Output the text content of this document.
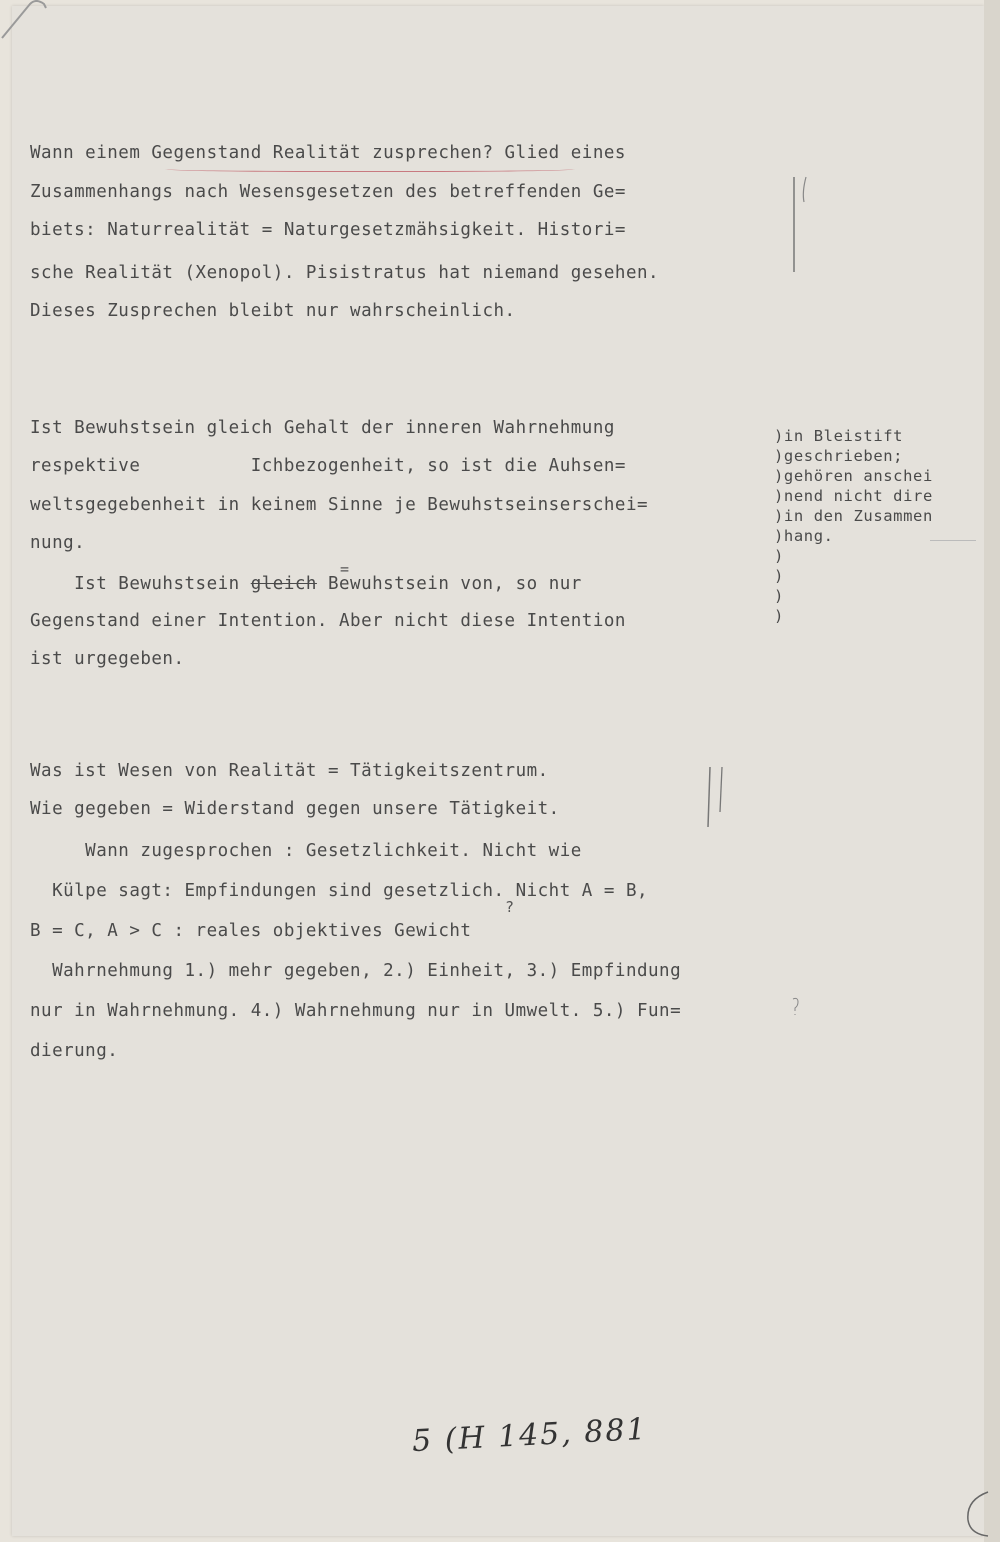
Wann einem Gegenstand Realität zusprechen? Glied eines
Zusammenhangs nach Wesensgesetzen des betreffenden Ge=
biets: Naturrealität = Naturgesetzmähsigkeit. Histori=
sche Realität (Xenopol). Pisistratus hat niemand gesehen.
Dieses Zusprechen bleibt nur wahrscheinlich.
Ist Bewuhstsein gleich Gehalt der inneren Wahrnehmung
respektive          Ichbezogenheit, so ist die Auhsen=
weltsgegebenheit in keinem Sinne je Bewuhstseinserschei=
nung.
=
Ist Bewuhstsein gleich Bewuhstsein von, so nur
Gegenstand einer Intention. Aber nicht diese Intention
ist urgegeben.
)in Bleistift
)geschrieben;
)gehören anschei
)nend nicht dire
)in den Zusammen
)hang.
)
)
)
)
Was ist Wesen von Realität = Tätigkeitszentrum.
Wie gegeben = Widerstand gegen unsere Tätigkeit.
Wann zugesprochen : Gesetzlichkeit. Nicht wie
?
Külpe sagt: Empfindungen sind gesetzlich. Nicht A = B,
B = C, A > C : reales objektives Gewicht
Wahrnehmung 1.) mehr gegeben, 2.) Einheit, 3.) Empfindung
nur in Wahrnehmung. 4.) Wahrnehmung nur in Umwelt. 5.) Fun=
dierung.
5 (H 145, 881
